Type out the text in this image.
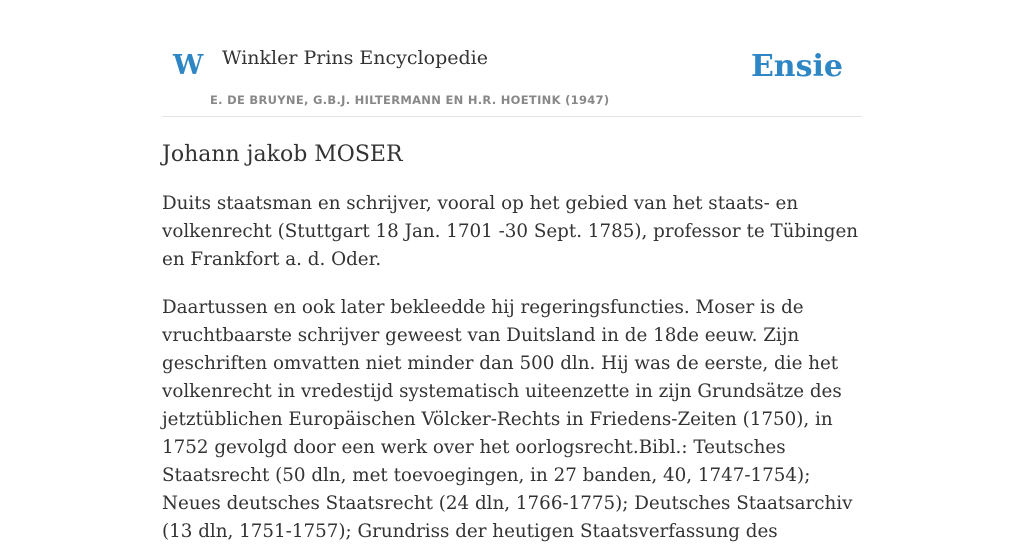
W Winkler Prins Encyclopedie	Ensie
E. DE BRUYNE, G.B.J. HILTERMANN EN H.R. HOETINK (1947)
Johann jakob MOSER

Duits staatsman en schrijver, vooral op het gebied van het staats- en volkenrecht (Stuttgart 18 Jan. 1701 -30 Sept. 1785), professor te Tübingen en Frankfort a. d. Oder.

Daartussen en ook later bekleedde hij regeringsfuncties. Moser is de vruchtbaarste schrijver geweest van Duitsland in de 18de eeuw. Zijn geschriften omvatten niet minder dan 500 dln. Hij was de eerste, die het volkenrecht in vredestijd systematisch uiteenzette in zijn Grundsätze des jetztüblichen Europäischen Völcker-Rechts in Friedens-Zeiten (1750), in 1752 gevolgd door een werk over het oorlogsrecht.Bibl.: Teutsches Staatsrecht (50 dln, met toevoegingen, in 27 banden, 40, 1747-1754); Neues deutsches Staatsrecht (24 dln, 1766-1775); Deutsches Staatsarchiv (13 dln, 1751-1757); Grundriss der heutigen Staatsverfassung des
